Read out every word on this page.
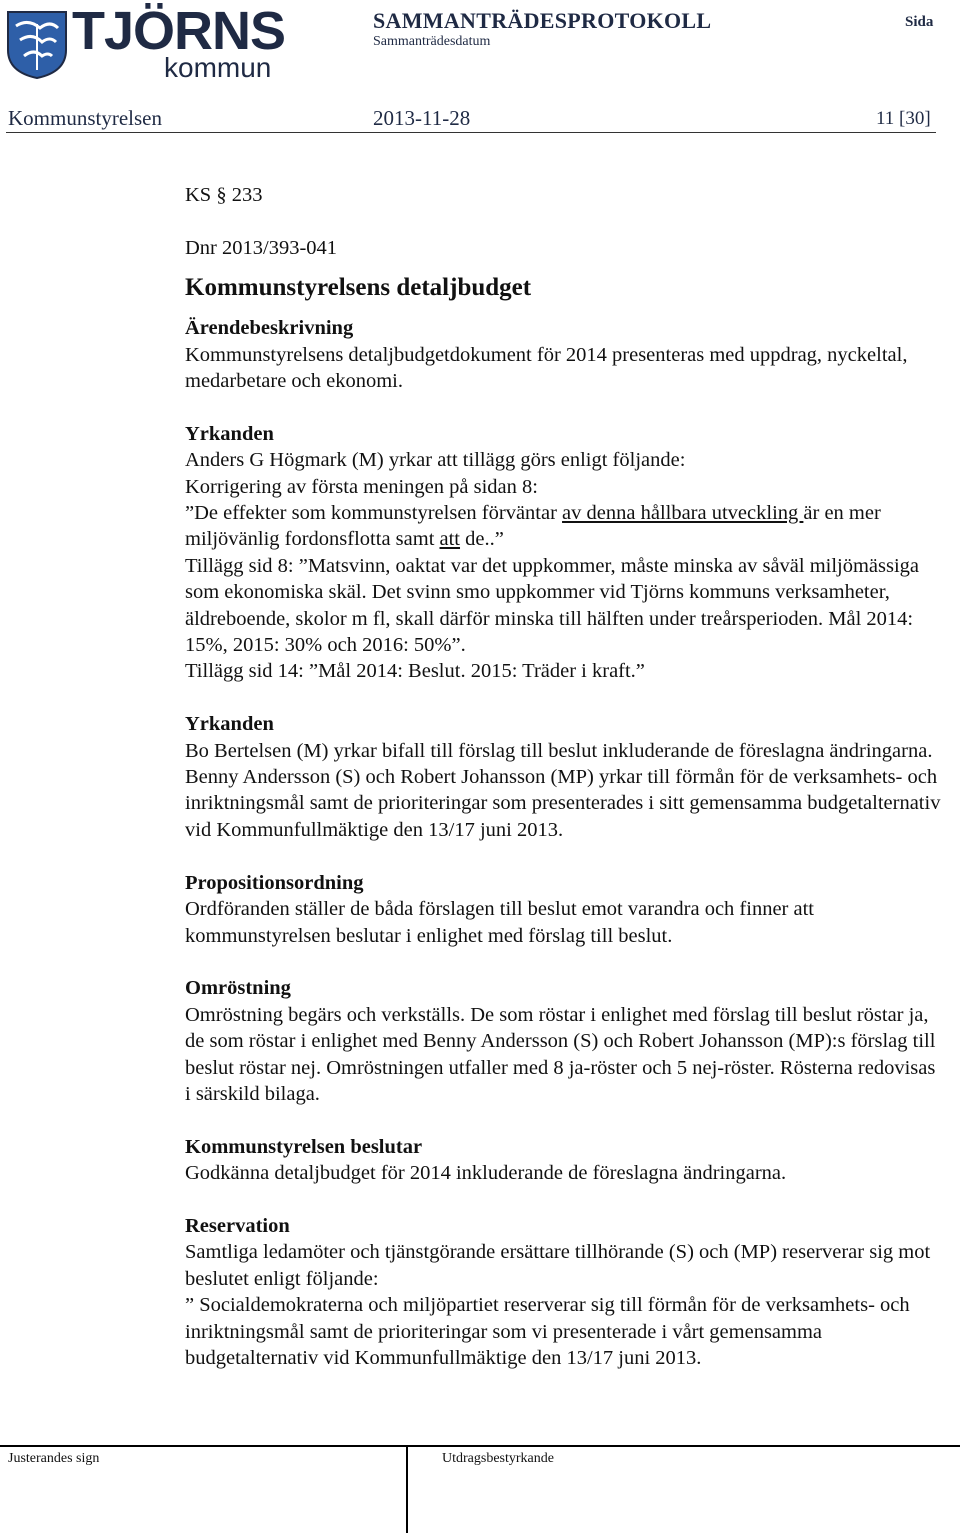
TJÖRNS
kommun
SAMMANTRÄDESPROTOKOLL
Sammanträdesdatum
Sida
Kommunstyrelsen	2013-11-28	11 [30]

KS § 233

Dnr 2013/393-041

Kommunstyrelsens detaljbudget

Ärendebeskrivning

Kommunstyrelsens detaljbudgetdokument för 2014 presenteras med uppdrag, nyckeltal, medarbetare och ekonomi.

Yrkanden

Anders G Högmark (M) yrkar att tillägg görs enligt följande:

Korrigering av första meningen på sidan 8:

”De effekter som kommunstyrelsen förväntar av denna hållbara utveckling är en mer miljövänlig fordonsflotta samt att de..”

Tillägg sid 8: ”Matsvinn, oaktat var det uppkommer, måste minska av såväl miljömässiga som ekonomiska skäl. Det svinn smo uppkommer vid Tjörns kommuns verksamheter, äldreboende, skolor m fl, skall därför minska till hälften under treårsperioden. Mål 2014: 15%, 2015: 30% och 2016: 50%”.

Tillägg sid 14: ”Mål 2014: Beslut. 2015: Träder i kraft.”

Yrkanden

Bo Bertelsen (M) yrkar bifall till förslag till beslut inkluderande de föreslagna ändringarna.

Benny Andersson (S) och Robert Johansson (MP) yrkar till förmån för de verksamhets- och inriktningsmål samt de prioriteringar som presenterades i sitt gemensamma budgetalternativ vid Kommunfullmäktige den 13/17 juni 2013.

Propositionsordning

Ordföranden ställer de båda förslagen till beslut emot varandra och finner att kommunstyrelsen beslutar i enlighet med förslag till beslut.

Omröstning

Omröstning begärs och verkställs. De som röstar i enlighet med förslag till beslut röstar ja, de som röstar i enlighet med Benny Andersson (S) och Robert Johansson (MP):s förslag till beslut röstar nej. Omröstningen utfaller med 8 ja-röster och 5 nej-röster. Rösterna redovisas i särskild bilaga.

Kommunstyrelsen beslutar

Godkänna detaljbudget för 2014 inkluderande de föreslagna ändringarna.

Reservation

Samtliga ledamöter och tjänstgörande ersättare tillhörande (S) och (MP) reserverar sig mot beslutet enligt följande:

” Socialdemokraterna och miljöpartiet reserverar sig till förmån för de verksamhets- och inriktningsmål samt de prioriteringar som vi presenterade i vårt gemensamma budgetalternativ vid Kommunfullmäktige den 13/17 juni 2013.

Justerandes sign	Utdragsbestyrkande
